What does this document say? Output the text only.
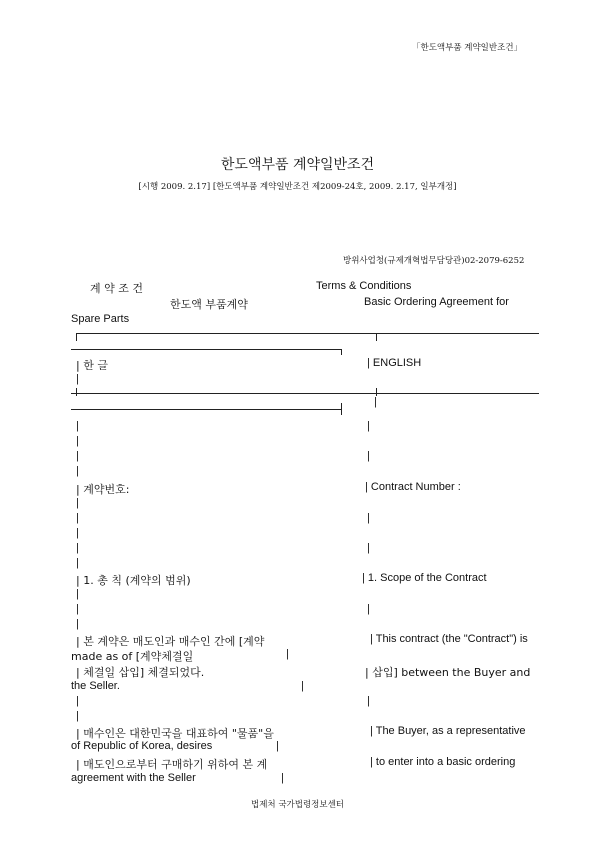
「한도액부품 계약일반조건」
한도액부품 계약일반조건
[시행 2009. 2.17] [한도액부품 계약일반조건 제2009-24호, 2009. 2.17, 일부개정]
방위사업청(규제개혁법무담당관)02-2079-6252
계 약 조 건	Terms & Conditions
한도액 부품계약	Basic Ordering Agreement for
Spare Parts
| 한 글	| ENGLISH
|
|
|	|
|
|	|
|
| 계약번호:	| Contract Number :
|
|	|
|
|	|
|
| 1. 총 칙 (계약의 범위)	| 1. Scope of the Contract
|
|	|
|
| 본 계약은 매도인과 매수인 간에 [계약	| This contract (the "Contract") is
made as of [계약체결일	|
| 체결일 삽입] 체결되었다.	| 삽입] between the Buyer and
the Seller.	|
|	|
|
| 매수인은 대한민국을 대표하여 "물품"을	| The Buyer, as a representative
of Republic of Korea, desires	|
| 매도인으로부터 구매하기 위하여 본 계	| to enter into a basic ordering
agreement with the Seller	|
법제처 국가법령정보센터
